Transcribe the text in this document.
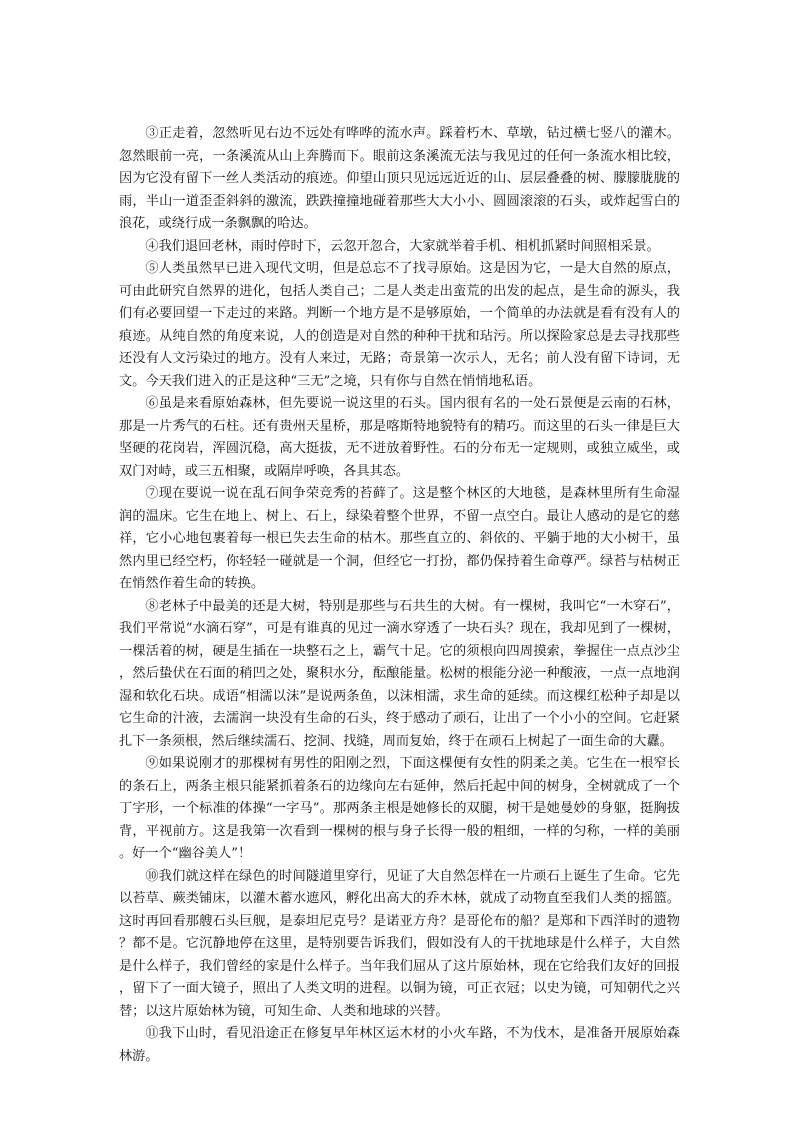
③正走着，忽然听见右边不远处有哗哗的流水声。踩着朽木、草墩，钻过横七竖八的灌木。忽然眼前一亮，一条溪流从山上奔腾而下。眼前这条溪流无法与我见过的任何一条流水相比较，因为它没有留下一丝人类活动的痕迹。仰望山顶只见远远近近的山、层层叠叠的树、朦朦胧胧的雨，半山一道歪歪斜斜的激流，跌跌撞撞地碰着那些大大小小、圆圆滚滚的石头，或炸起雪白的浪花，或绕行成一条飘飘的哈达。

④我们退回老林，雨时停时下，云忽开忽合，大家就举着手机、相机抓紧时间照相采景。

⑤人类虽然早已进入现代文明，但是总忘不了找寻原始。这是因为它，一是大自然的原点，可由此研究自然界的进化，包括人类自己；二是人类走出蛮荒的出发的起点，是生命的源头，我们有必要回望一下走过的来路。判断一个地方是不是够原始，一个简单的办法就是看有没有人的痕迹。从纯自然的角度来说，人的创造是对自然的种种干扰和玷污。所以探险家总是去寻找那些还没有人文污染过的地方。没有人来过，无路；奇景第一次示人，无名；前人没有留下诗词，无文。今天我们进入的正是这种“三无”之境，只有你与自然在悄悄地私语。

⑥虽是来看原始森林，但先要说一说这里的石头。国内很有名的一处石景便是云南的石林，那是一片秀气的石柱。还有贵州天星桥，那是喀斯特地貌特有的精巧。而这里的石头一律是巨大坚硬的花岗岩，浑圆沉稳，高大挺拔，无不迸放着野性。石的分布无一定规则，或独立威坐，或双门对峙，或三五相聚，或隔岸呼唤，各具其态。

⑦现在要说一说在乱石间争荣竞秀的苔藓了。这是整个林区的大地毯，是森林里所有生命湿润的温床。它生在地上、树上、石上，绿染着整个世界，不留一点空白。最让人感动的是它的慈祥，它小心地包裹着每一根已失去生命的枯木。那些直立的、斜依的、平躺于地的大小树干，虽然内里已经空朽，你轻轻一碰就是一个洞，但经它一打扮，都仍保持着生命尊严。绿苔与枯树正在悄然作着生命的转换。

⑧老林子中最美的还是大树，特别是那些与石共生的大树。有一棵树，我叫它“一木穿石”，我们平常说“水滴石穿”，可是有谁真的见过一滴水穿透了一块石头？现在，我却见到了一棵树，一棵活着的树，硬是生插在一块整石之上，霸气十足。它的须根向四周摸索，拳握住一点点沙尘，然后蛰伏在石面的稍凹之处，聚积水分，酝酿能量。松树的根能分泌一种酸液，一点一点地润湿和软化石块。成语“相濡以沫”是说两条鱼，以沫相濡，求生命的延续。而这棵红松种子却是以它生命的汁液，去濡润一块没有生命的石头，终于感动了顽石，让出了一个小小的空间。它赶紧扎下一条须根，然后继续濡石、挖洞、找缝，周而复始，终于在顽石上树起了一面生命的大纛。

⑨如果说刚才的那棵树有男性的阳刚之烈，下面这棵便有女性的阴柔之美。它生在一根窄长的条石上，两条主根只能紧抓着条石的边缘向左右延伸，然后托起中间的树身，全树就成了一个丁字形，一个标准的体操“一字马”。那两条主根是她修长的双腿，树干是她曼妙的身躯，挺胸拔背，平视前方。这是我第一次看到一棵树的根与身子长得一般的粗细，一样的匀称，一样的美丽。好一个“幽谷美人”！

⑩我们就这样在绿色的时间隧道里穿行，见证了大自然怎样在一片顽石上诞生了生命。它先以苔草、蕨类铺床，以灌木蓄水遮风，孵化出高大的乔木林，就成了动物直至我们人类的摇篮。这时再回看那艘石头巨舰，是泰坦尼克号？是诺亚方舟？是哥伦布的船？是郑和下西洋时的遗物？都不是。它沉静地停在这里，是特别要告诉我们，假如没有人的干扰地球是什么样子，大自然是什么样子，我们曾经的家是什么样子。当年我们屈从了这片原始林，现在它给我们友好的回报，留下了一面大镜子，照出了人类文明的进程。以铜为镜，可正衣冠；以史为镜，可知朝代之兴替；以这片原始林为镜，可知生命、人类和地球的兴替。

⑪我下山时，看见沿途正在修复早年林区运木材的小火车路，不为伐木，是准备开展原始森林游。
